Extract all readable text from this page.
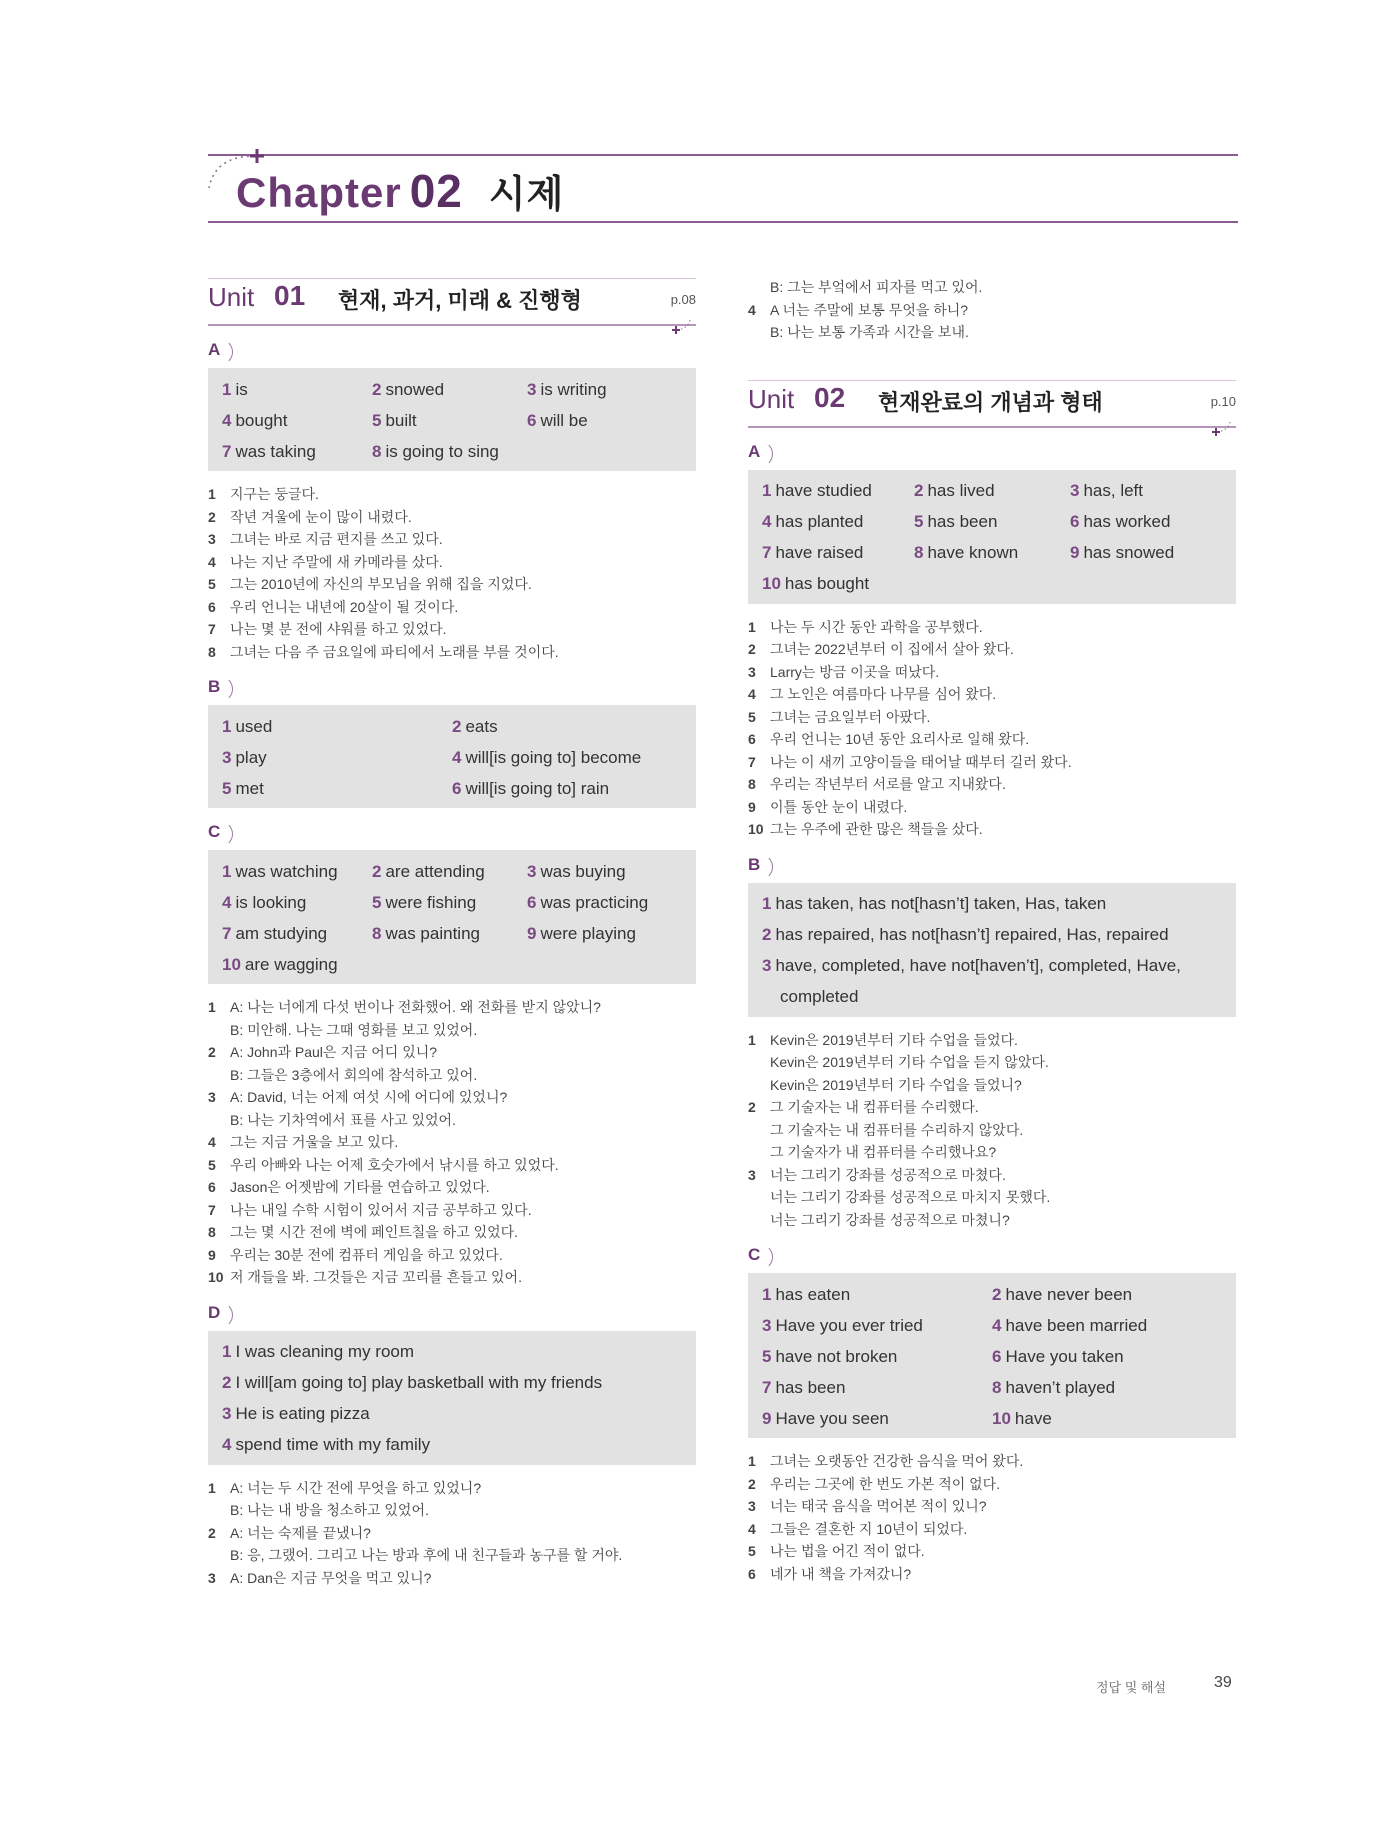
Chapter 02 시제
Unit 01 현재, 과거, 미래 & 진행형	p.08
A
1 is	2 snowed	3 is writing
4 bought	5 built	6 will be
7 was taking	8 is going to sing
1 지구는 둥글다.
2 작년 겨울에 눈이 많이 내렸다.
3 그녀는 바로 지금 편지를 쓰고 있다.
4 나는 지난 주말에 새 카메라를 샀다.
5 그는 2010년에 자신의 부모님을 위해 집을 지었다.
6 우리 언니는 내년에 20살이 될 것이다.
7 나는 몇 분 전에 샤워를 하고 있었다.
8 그녀는 다음 주 금요일에 파티에서 노래를 부를 것이다.
B
1 used	2 eats
3 play	4 will[is going to] become
5 met	6 will[is going to] rain
C
1 was watching 2 are attending 3 was buying
4 is looking	5 were fishing	6 was practicing
7 am studying	8 was painting	9 were playing
10 are wagging
1 A: 나는 너에게 다섯 번이나 전화했어. 왜 전화를 받지 않았니?
B: 미안해. 나는 그때 영화를 보고 있었어.
2 A: John과 Paul은 지금 어디 있니?
B: 그들은 3층에서 회의에 참석하고 있어.
3 A: David, 너는 어제 여섯 시에 어디에 있었니?
B: 나는 기차역에서 표를 사고 있었어.
4 그는 지금 거울을 보고 있다.
5 우리 아빠와 나는 어제 호숫가에서 낚시를 하고 있었다.
6 Jason은 어젯밤에 기타를 연습하고 있었다.
7 나는 내일 수학 시험이 있어서 지금 공부하고 있다.
8 그는 몇 시간 전에 벽에 페인트칠을 하고 있었다.
9 우리는 30분 전에 컴퓨터 게임을 하고 있었다.
10 저 개들을 봐. 그것들은 지금 꼬리를 흔들고 있어.
D
1 I was cleaning my room
2 I will[am going to] play basketball with my friends
3 He is eating pizza
4 spend time with my family
1 A: 너는 두 시간 전에 무엇을 하고 있었니?
B: 나는 내 방을 청소하고 있었어.
2 A: 너는 숙제를 끝냈니?
B: 응, 그랬어. 그리고 나는 방과 후에 내 친구들과 농구를 할 거야.
3 A: Dan은 지금 무엇을 먹고 있니?
B: 그는 부엌에서 피자를 먹고 있어.
4 A 너는 주말에 보통 무엇을 하니?
B: 나는 보통 가족과 시간을 보내.
Unit 02 현재완료의 개념과 형태	p.10
A
1 have studied 2 has lived	3 has, left
4 has planted	5 has been	6 has worked
7 have raised	8 have known	9 has snowed
10 has bought
1 나는 두 시간 동안 과학을 공부했다.
2 그녀는 2022년부터 이 집에서 살아 왔다.
3 Larry는 방금 이곳을 떠났다.
4 그 노인은 여름마다 나무를 심어 왔다.
5 그녀는 금요일부터 아팠다.
6 우리 언니는 10년 동안 요리사로 일해 왔다.
7 나는 이 새끼 고양이들을 태어날 때부터 길러 왔다.
8 우리는 작년부터 서로를 알고 지내왔다.
9 이틀 동안 눈이 내렸다.
10 그는 우주에 관한 많은 책들을 샀다.
B
1 has taken, has not[hasn’t] taken, Has, taken
2 has repaired, has not[hasn’t] repaired, Has, repaired
3 have, completed, have not[haven’t], completed, Have,
completed
1 Kevin은 2019년부터 기타 수업을 들었다.
Kevin은 2019년부터 기타 수업을 듣지 않았다.
Kevin은 2019년부터 기타 수업을 들었니?
2 그 기술자는 내 컴퓨터를 수리했다.
그 기술자는 내 컴퓨터를 수리하지 않았다.
그 기술자가 내 컴퓨터를 수리했나요?
3 너는 그리기 강좌를 성공적으로 마쳤다.
너는 그리기 강좌를 성공적으로 마치지 못했다.
너는 그리기 강좌를 성공적으로 마쳤니?
C
1 has eaten	2 have never been
3 Have you ever tried	4 have been married
5 have not broken	6 Have you taken
7 has been	8 haven’t played
9 Have you seen	10 have
1 그녀는 오랫동안 건강한 음식을 먹어 왔다.
2 우리는 그곳에 한 번도 가본 적이 없다.
3 너는 태국 음식을 먹어본 적이 있니?
4 그들은 결혼한 지 10년이 되었다.
5 나는 법을 어긴 적이 없다.
6 네가 내 책을 가져갔니?
정답 및 해설	39
